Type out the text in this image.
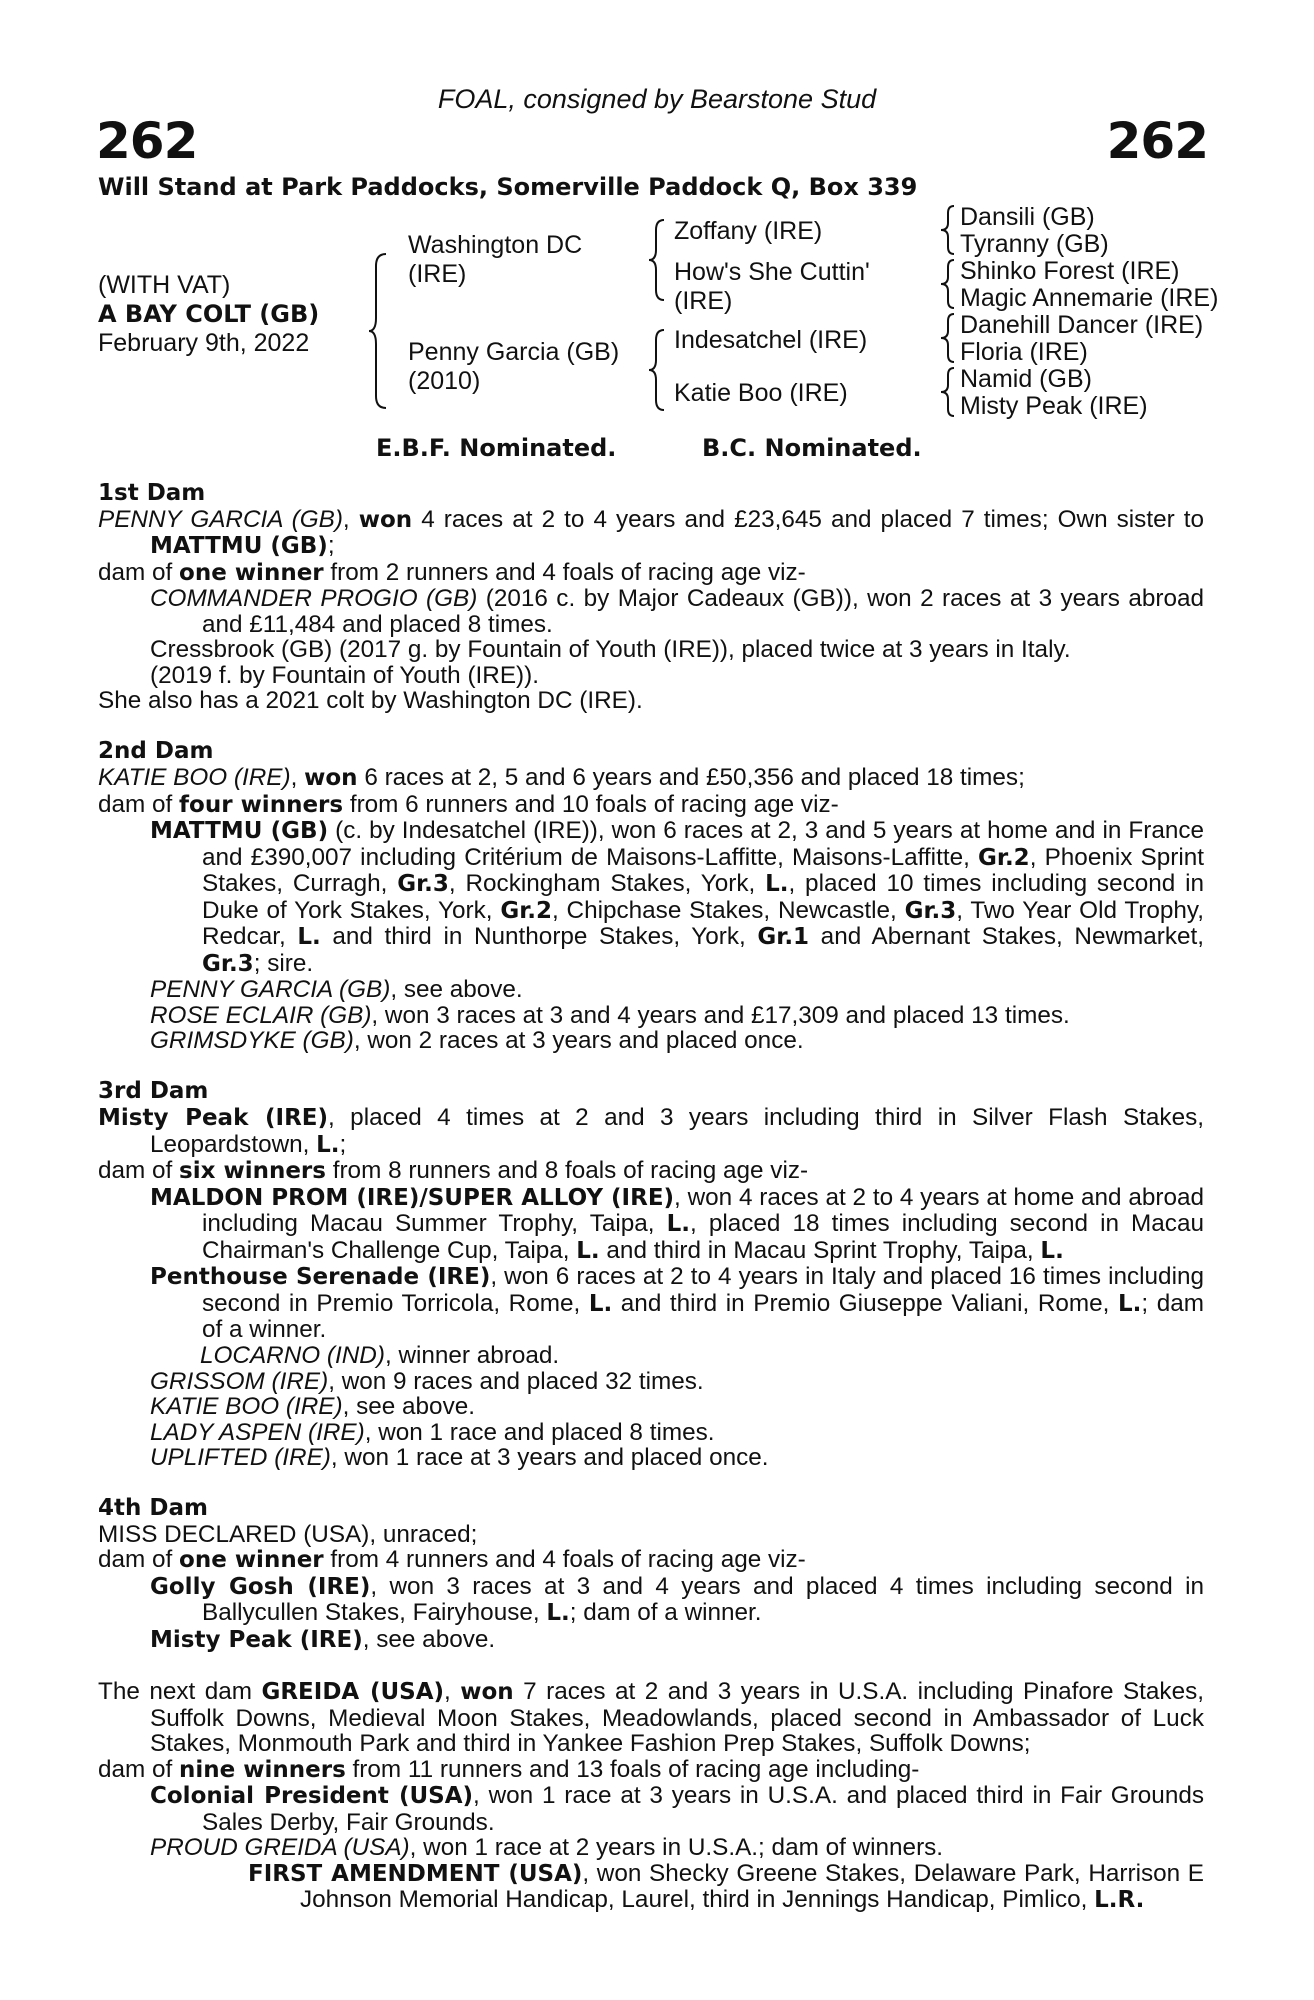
FOAL, consigned by Bearstone Stud
262	262
Will Stand at Park Paddocks, Somerville Paddock Q, Box 339
(WITH VAT)
A BAY COLT (GB)
February 9th, 2022
Washington DC
(IRE)
Penny Garcia (GB)
(2010)
Zoffany (IRE)
How's She Cuttin'
(IRE)
Indesatchel (IRE)
Katie Boo (IRE)
Dansili (GB)
Tyranny (GB)
Shinko Forest (IRE)
Magic Annemarie (IRE)
Danehill Dancer (IRE)
Floria (IRE)
Namid (GB)
Misty Peak (IRE)
E.B.F. Nominated.	B.C. Nominated.

1st Dam

PENNY GARCIA (GB), won 4 races at 2 to 4 years and £23,645 and placed 7 times; Own sister to MATTMU (GB);

dam of one winner from 2 runners and 4 foals of racing age viz-

COMMANDER PROGIO (GB) (2016 c. by Major Cadeaux (GB)), won 2 races at 3 years abroad and £11,484 and placed 8 times.

Cressbrook (GB) (2017 g. by Fountain of Youth (IRE)), placed twice at 3 years in Italy.

(2019 f. by Fountain of Youth (IRE)).

She also has a 2021 colt by Washington DC (IRE).

2nd Dam

KATIE BOO (IRE), won 6 races at 2, 5 and 6 years and £50,356 and placed 18 times;

dam of four winners from 6 runners and 10 foals of racing age viz-

MATTMU (GB) (c. by Indesatchel (IRE)), won 6 races at 2, 3 and 5 years at home and in France and £390,007 including Critérium de Maisons-Laffitte, Maisons-Laffitte, Gr.2, Phoenix Sprint Stakes, Curragh, Gr.3, Rockingham Stakes, York, L., placed 10 times including second in Duke of York Stakes, York, Gr.2, Chipchase Stakes, Newcastle, Gr.3, Two Year Old Trophy, Redcar, L. and third in Nunthorpe Stakes, York, Gr.1 and Abernant Stakes, Newmarket, Gr.3; sire.

PENNY GARCIA (GB), see above.

ROSE ECLAIR (GB), won 3 races at 3 and 4 years and £17,309 and placed 13 times.

GRIMSDYKE (GB), won 2 races at 3 years and placed once.

3rd Dam

Misty Peak (IRE), placed 4 times at 2 and 3 years including third in Silver Flash Stakes, Leopardstown, L.;

dam of six winners from 8 runners and 8 foals of racing age viz-

MALDON PROM (IRE)/SUPER ALLOY (IRE), won 4 races at 2 to 4 years at home and abroad including Macau Summer Trophy, Taipa, L., placed 18 times including second in Macau Chairman's Challenge Cup, Taipa, L. and third in Macau Sprint Trophy, Taipa, L.

Penthouse Serenade (IRE), won 6 races at 2 to 4 years in Italy and placed 16 times including second in Premio Torricola, Rome, L. and third in Premio Giuseppe Valiani, Rome, L.; dam of a winner.

LOCARNO (IND), winner abroad.

GRISSOM (IRE), won 9 races and placed 32 times.

KATIE BOO (IRE), see above.

LADY ASPEN (IRE), won 1 race and placed 8 times.

UPLIFTED (IRE), won 1 race at 3 years and placed once.

4th Dam

MISS DECLARED (USA), unraced;

dam of one winner from 4 runners and 4 foals of racing age viz-

Golly Gosh (IRE), won 3 races at 3 and 4 years and placed 4 times including second in Ballycullen Stakes, Fairyhouse, L.; dam of a winner.

Misty Peak (IRE), see above.

The next dam GREIDA (USA), won 7 races at 2 and 3 years in U.S.A. including Pinafore Stakes, Suffolk Downs, Medieval Moon Stakes, Meadowlands, placed second in Ambassador of Luck Stakes, Monmouth Park and third in Yankee Fashion Prep Stakes, Suffolk Downs;

dam of nine winners from 11 runners and 13 foals of racing age including-

Colonial President (USA), won 1 race at 3 years in U.S.A. and placed third in Fair Grounds Sales Derby, Fair Grounds.

PROUD GREIDA (USA), won 1 race at 2 years in U.S.A.; dam of winners.

FIRST AMENDMENT (USA), won Shecky Greene Stakes, Delaware Park, Harrison E Johnson Memorial Handicap, Laurel, third in Jennings Handicap, Pimlico, L.R.
